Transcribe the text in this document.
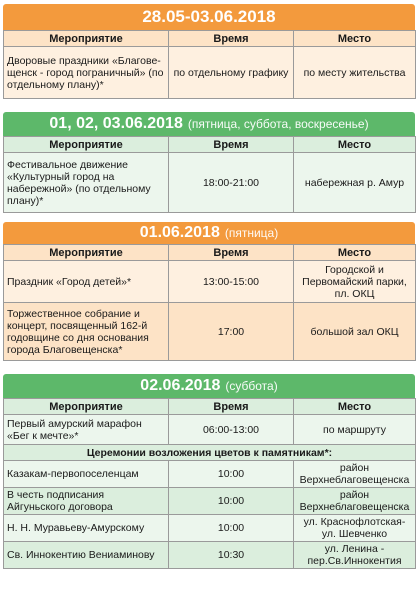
28.05-03.06.2018
Мероприятие	Время	Место
Дворовые праздники «Благове-щенск - город пограничный» (по отдельному плану)*	по отдельному графику	по месту жительства
01, 02, 03.06.2018 (пятница, суббота, воскресенье)
Мероприятие	Время	Место
Фестивальное движение «Культурный город на набережной» (по отдельному плану)*	18:00-21:00	набережная р. Амур
01.06.2018 (пятница)
Мероприятие	Время	Место
Праздник «Город детей»*	13:00-15:00	Городской и Первомайский парки, пл. ОКЦ
Торжественное собрание и концерт, посвященный 162-й годовщине со дня основания города Благовещенска*	17:00	большой зал ОКЦ
02.06.2018 (суббота)
Мероприятие	Время	Место
Первый амурский марафон «Бег к мечте»*	06:00-13:00	по маршруту
Церемонии возложения цветов к памятникам*:		
Казакам-первопоселенцам	10:00	район Верхнеблаговещенска
В честь подписания Айгуньского договора	10:00	район Верхнеблаговещенска
Н. Н. Муравьеву-Амурскому	10:00	ул. Краснофлотская-ул. Шевченко
Св. Иннокентию Вениаминову	10:30	ул. Ленина - пер.Св.Иннокентия
